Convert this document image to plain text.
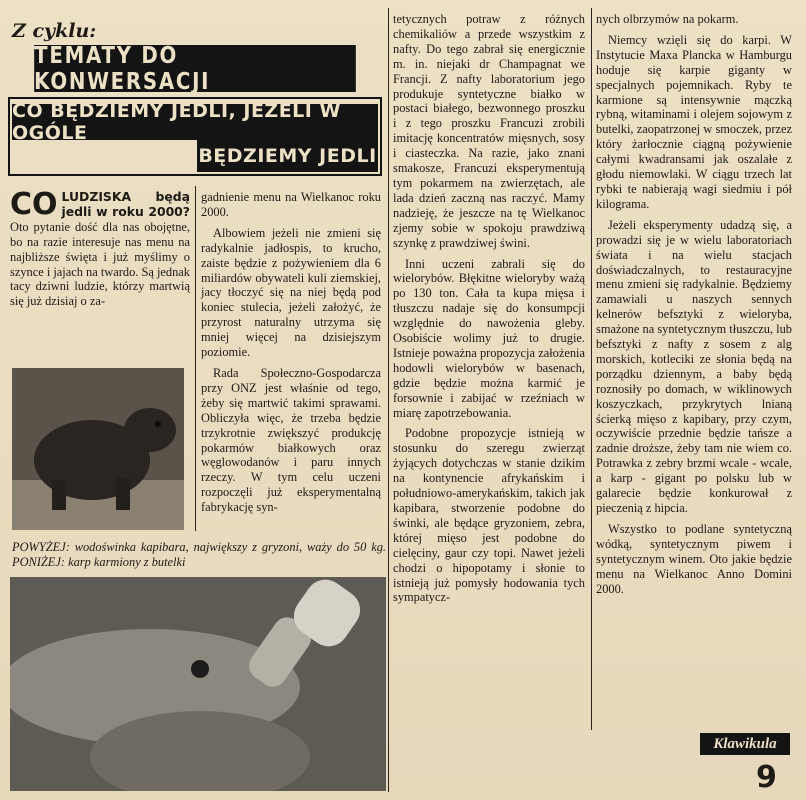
Z cyklu:
TEMATY DO KONWERSACJI
CO BĘDZIEMY JEDLI, JEŻELI W OGÓLE
BĘDZIEMY JEDLI

CO LUDZISKA będą jedli w roku 2000? Oto pytanie dość dla nas obojętne, bo na razie interesuje nas menu na najbliższe święta i już myślimy o szynce i jajach na twardo. Są jednak tacy dziwni ludzie, którzy martwią się już dzisiaj o za-

gadnienie menu na Wielkanoc roku 2000.

Albowiem jeżeli nie zmieni się radykalnie jadłospis, to krucho, zaiste będzie z pożywieniem dla 6 miliardów obywateli kuli ziemskiej, jacy tłoczyć się na niej będą pod koniec stulecia, jeżeli założyć, że przyrost naturalny utrzyma się mniej więcej na dzisiejszym poziomie.

Rada Społeczno-Gospodarcza przy ONZ jest właśnie od tego, żeby się martwić takimi sprawami. Obliczyła więc, że trzeba będzie trzykrotnie zwiększyć produkcję pokarmów białkowych oraz węglowodanów i paru innych rzeczy. W tym celu uczeni rozpoczęli już eksperymentalną fabrykację syn-

POWYŻEJ: wodoświnka kapibara, największy z gryzoni, waży do 50 kg. PONIŻEJ: karp karmiony z butelki

tetycznych potraw z różnych chemikaliów a przede wszystkim z nafty. Do tego zabrał się energicznie m. in. niejaki dr Champagnat we Francji. Z nafty laboratorium jego produkuje syntetyczne białko w postaci białego, bezwonnego proszku i z tego proszku Francuzi zrobili imitację koncentratów mięsnych, sosy i ciasteczka. Na razie, jako znani smakosze, Francuzi eksperymentują tym pokarmem na zwierzętach, ale lada dzień zaczną nas raczyć. Mamy nadzieję, że jeszcze na tę Wielkanoc zjemy sobie w spokoju prawdziwą szynkę z prawdziwej świni.

Inni uczeni zabrali się do wielorybów. Błękitne wieloryby ważą po 130 ton. Cała ta kupa mięsa i tłuszczu nadaje się do konsumpcji względnie do nawożenia gleby. Osobiście wolimy już to drugie. Istnieje poważna propozycja założenia hodowli wielorybów w basenach, gdzie będzie można karmić je forsownie i zabijać w rzeźniach w miarę zapotrzebowania.

Podobne propozycje istnieją w stosunku do szeregu zwierząt żyjących dotychczas w stanie dzikim na kontynencie afrykańskim i południowo-amerykańskim, takich jak kapibara, stworzenie podobne do świnki, ale będące gryzoniem, zebra, której mięso jest podobne do cielęciny, gaur czy topi. Nawet jeżeli chodzi o hipopotamy i słonie to istnieją już pomysły hodowania tych sympatycz-

nych olbrzymów na pokarm.

Niemcy wzięli się do karpi. W Instytucie Maxa Plancka w Hamburgu hoduje się karpie giganty w specjalnych pojemnikach. Ryby te karmione są intensywnie mączką rybną, witaminami i olejem sojowym z butelki, zaopatrzonej w smoczek, przez który żarłocznie ciągną pożywienie całymi kwadransami jak oszalałe z głodu niemowlaki. W ciągu trzech lat rybki te nabierają wagi siedmiu i pół kilograma.

Jeżeli eksperymenty udadzą się, a prowadzi się je w wielu laboratoriach świata i na wielu stacjach doświadczalnych, to restauracyjne menu zmieni się radykalnie. Będziemy zamawiali u naszych sennych kelnerów befsztyki z wieloryba, smażone na syntetycznym tłuszczu, lub befsztyki z nafty z sosem z alg morskich, kotleciki ze słonia będą na porządku dziennym, a baby będą roznosiły po domach, w wiklinowych koszyczkach, przykrytych lnianą ścierką mięso z kapibary, przy czym, oczywiście przednie będzie tańsze a zadnie droższe, żeby tam nie wiem co. Potrawka z zebry brzmi wcale - wcale, a karp - gigant po polsku lub w galarecie będzie konkurował z pieczenią z hipcia.

Wszystko to podlane syntetyczną wódką, syntetycznym piwem i syntetycznym winem. Oto jakie będzie menu na Wielkanoc Anno Domini 2000.

Klawikula
9
